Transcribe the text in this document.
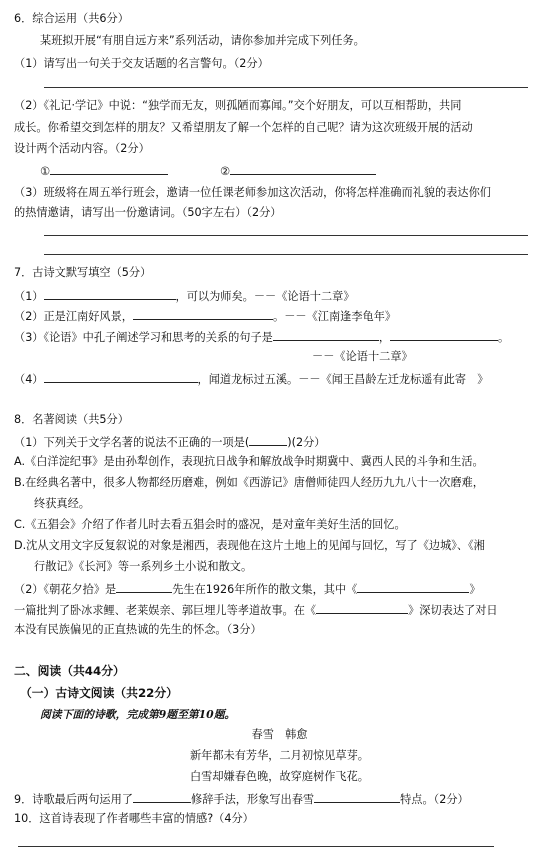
6．综合运用（共6分）
某班拟开展“有朋自远方来”系列活动，请你参加并完成下列任务。
（1）请写出一句关于交友话题的名言警句。（2分）
（2）《礼记·学记》中说：“独学而无友，则孤陋而寡闻。”交个好朋友，可以互相帮助，共同
成长。你希望交到怎样的朋友？又希望朋友了解一个怎样的自己呢？请为这次班级开展的活动
设计两个活动内容。（2分）
①	②
（3）班级将在周五举行班会，邀请一位任课老师参加这次活动，你将怎样准确而礼貌的表达你们
的热情邀请，请写出一份邀请词。（50字左右）（2分）
7．古诗文默写填空（5分）
（1）	，可以为师矣。－－《论语十二章》
（2）正是江南好风景，	。－－《江南逢李龟年》
（3）《论语》中孔子阐述学习和思考的关系的句子是	，	。
－－《论语十二章》
（4）	，闻道龙标过五溪。－－《闻王昌龄左迁龙标遥有此寄　》
8．名著阅读（共5分）
（1）下列关于文学名著的说法不正确的一项是(	)(2分）
A.《白洋淀纪事》是由孙犁创作，表现抗日战争和解放战争时期冀中、冀西人民的斗争和生活。
B.在经典名著中，很多人物都经历磨难，例如《西游记》唐僧师徒四人经历九九八十一次磨难，
终获真经。
C.《五猖会》介绍了作者儿时去看五猖会时的盛况，是对童年美好生活的回忆。
D.沈从文用文字反复叙说的对象是湘西，表现他在这片土地上的见闻与回忆，写了《边城》、《湘
行散记》《长河》等一系列乡土小说和散文。
（2）《朝花夕拾》是	先生在1926年所作的散文集，其中《	》
一篇批判了卧冰求鲤、老莱娱亲、郭巨埋儿等孝道故事。在《	》深切表达了对日
本没有民族偏见的正直热诚的先生的怀念。（3分）
二、阅读（共44分）
（一）古诗文阅读（共22分）
阅读下面的诗歌，完成第9题至第10题。
春雪　韩愈
新年都未有芳华，二月初惊见草芽。
白雪却嫌春色晚，故穿庭树作飞花。
9．诗歌最后两句运用了	修辞手法，形象写出春雪	特点。（2分）
10．这首诗表现了作者哪些丰富的情感?（4分）
